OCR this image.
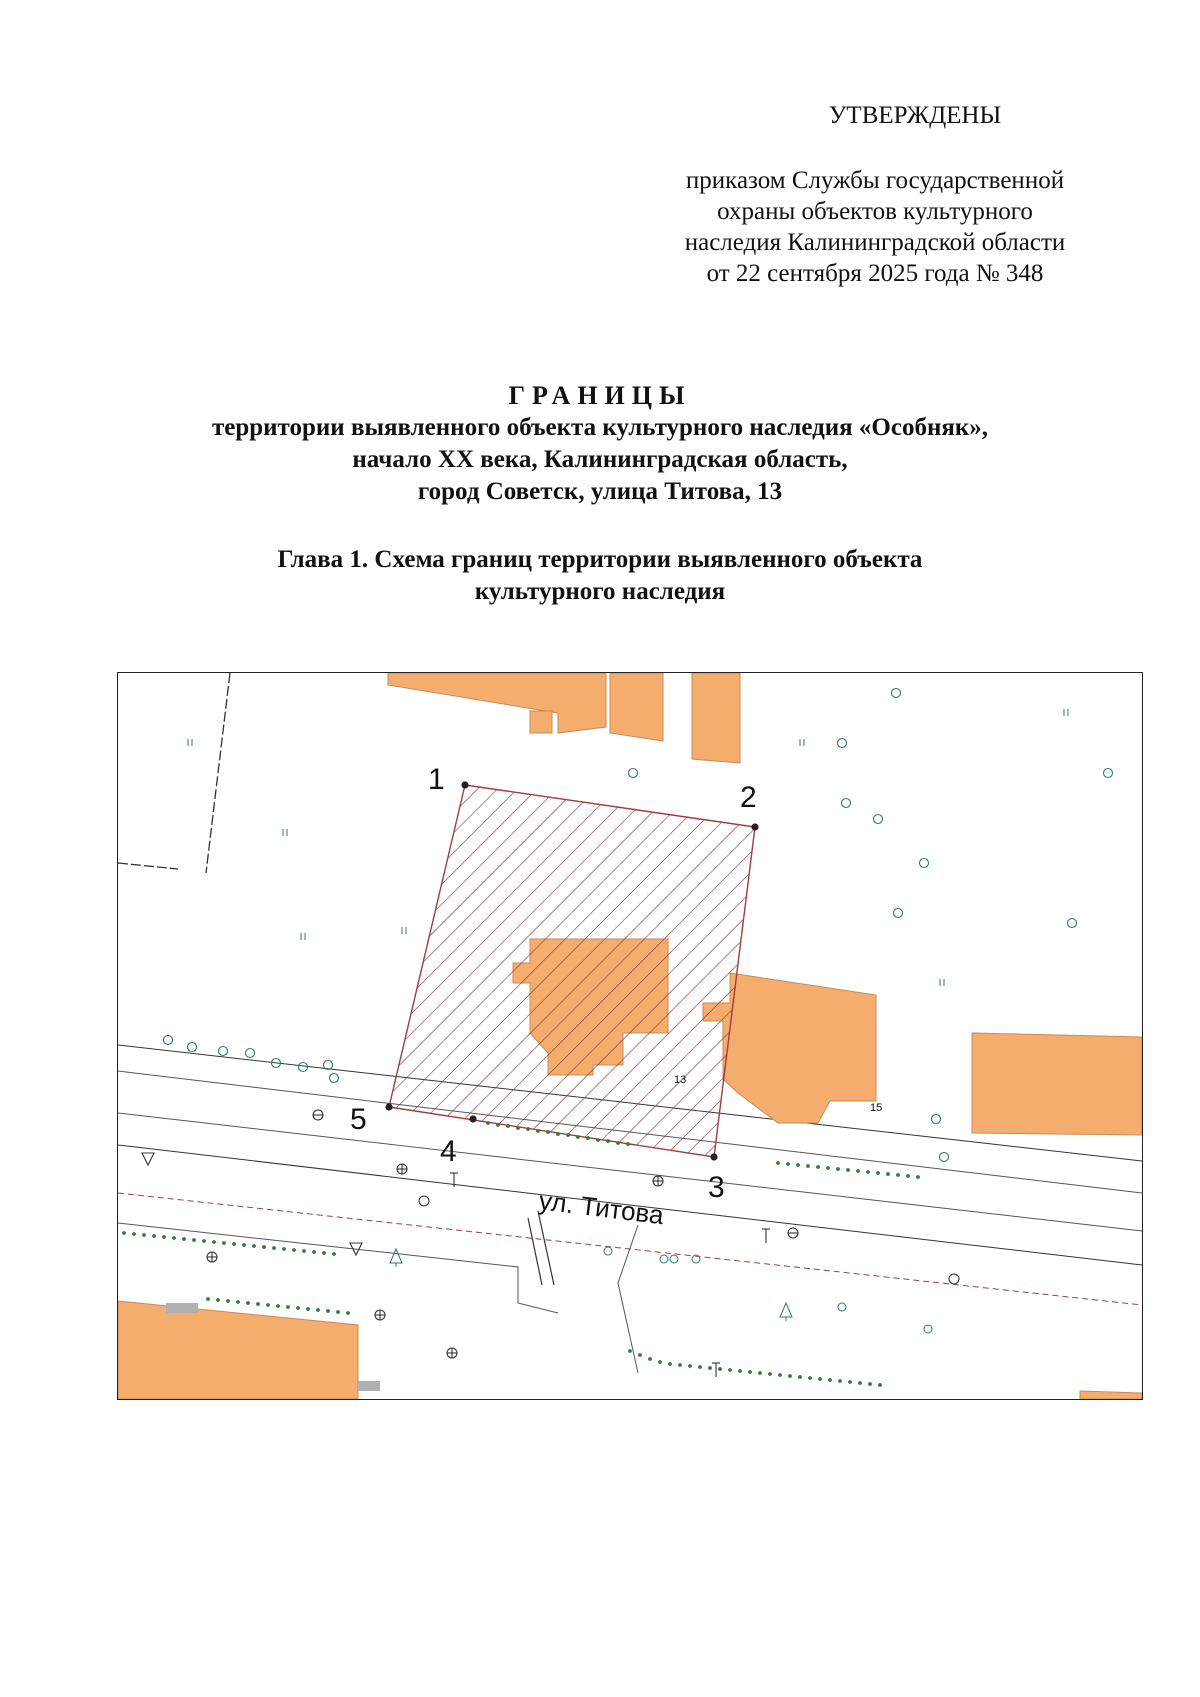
УТВЕРЖДЕНЫ
приказом Службы государственной
охраны объектов культурного
наследия Калининградской области
от 22 сентября 2025 года № 348
ГРАНИЦЫ
территории выявленного объекта культурного наследия «Особняк»,
начало XX века, Калининградская область,
город Советск, улица Титова, 13
Глава 1. Схема границ территории выявленного объекта
культурного наследия
1
2
3
4
5
13
15
ул. Титова
